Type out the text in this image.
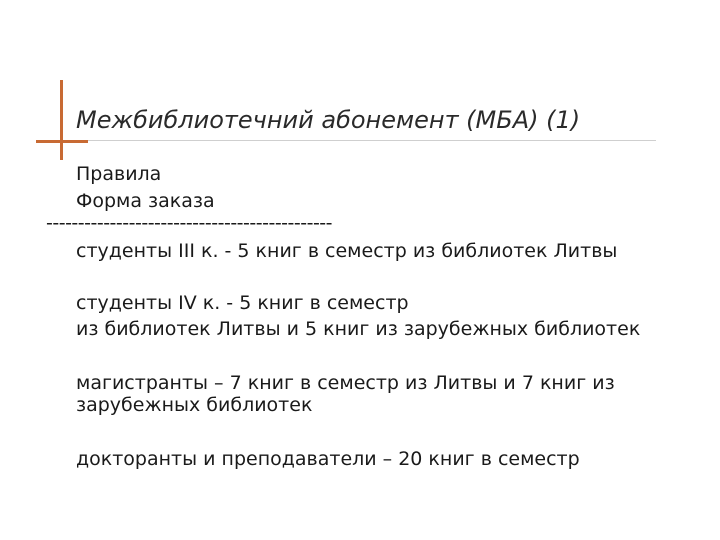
Межбиблиотечний абонемент (МБА) (1)
Правила
Форма заказа
---------------------------------------------
студенты III к. - 5 книг в семестр из библиотек Литвы
студенты IV к. - 5 книг в семестр
из библиотек Литвы и 5 книг из зарубежных библиотек
магистранты – 7 книг в семестр из Литвы и 7 книг из
зарубежных библиотек
докторанты и преподаватели – 20 книг в семестр
